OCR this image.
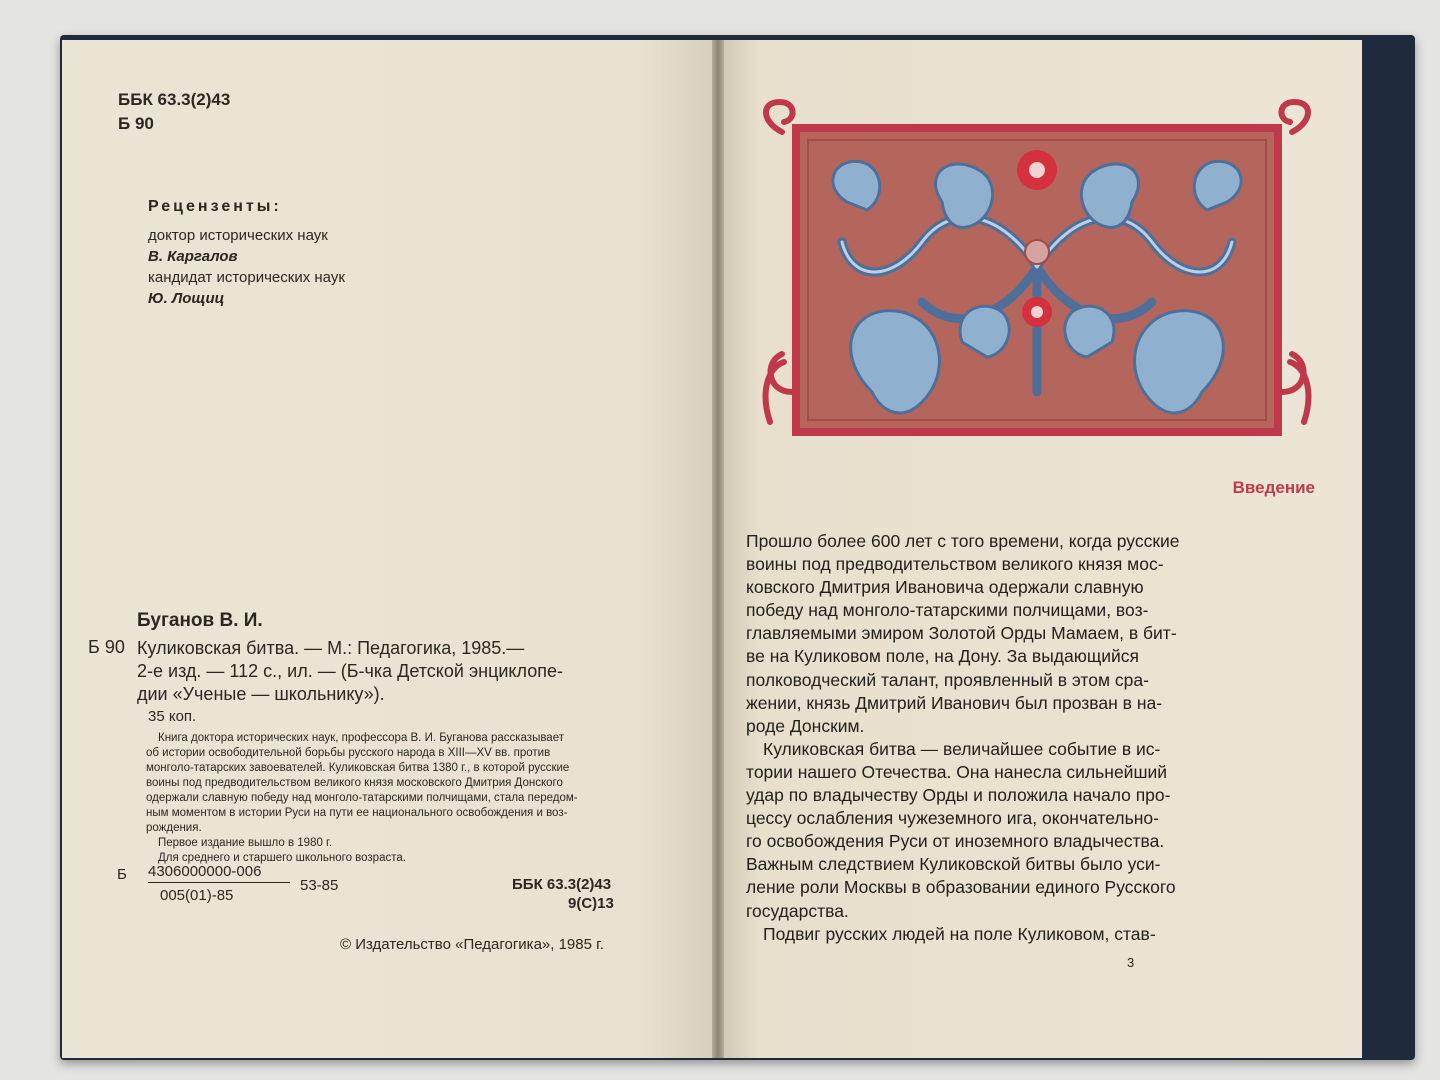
ББК 63.3(2)43
Б 90
Рецензенты:
доктор исторических наук
В. Каргалов
кандидат исторических наук
Ю. Лощиц
Буганов В. И.
Б 90 Куликовская битва. — М.: Педагогика, 1985.—
2-е изд. — 112 с., ил. — (Б-чка Детской энциклопе-
дии «Ученые — школьнику»).
35 коп.
Книга доктора исторических наук, профессора В. И. Буганова рассказывает
об истории освободительной борьбы русского народа в XIII—XV вв. против
монголо-татарских завоевателей. Куликовская битва 1380 г., в которой русские
воины под предводительством великого князя московского Дмитрия Донского
одержали славную победу над монголо-татарскими полчищами, стала передом-
ным моментом в истории Руси на пути ее национального освобождения и воз-
рождения.
Первое издание вышло в 1980 г.
Для среднего и старшего школьного возраста.
Б 4306000000-006
005(01)-85
53-85	ББК 63.3(2)43
9(С)13
© Издательство «Педагогика», 1985 г.
Введение
Прошло более 600 лет с того времени, когда русские
воины под предводительством великого князя мос-
ковского Дмитрия Ивановича одержали славную
победу над монголо-татарскими полчищами, воз-
главляемыми эмиром Золотой Орды Мамаем, в бит-
ве на Куликовом поле, на Дону. За выдающийся
полководческий талант, проявленный в этом сра-
жении, князь Дмитрий Иванович был прозван в на-
роде Донским.
Куликовская битва — величайшее событие в ис-
тории нашего Отечества. Она нанесла сильнейший
удар по владычеству Орды и положила начало про-
цессу ослабления чужеземного ига, окончательно-
го освобождения Руси от иноземного владычества.
Важным следствием Куликовской битвы было уси-
ление роли Москвы в образовании единого Русского
государства.
Подвиг русских людей на поле Куликовом, став-
3
